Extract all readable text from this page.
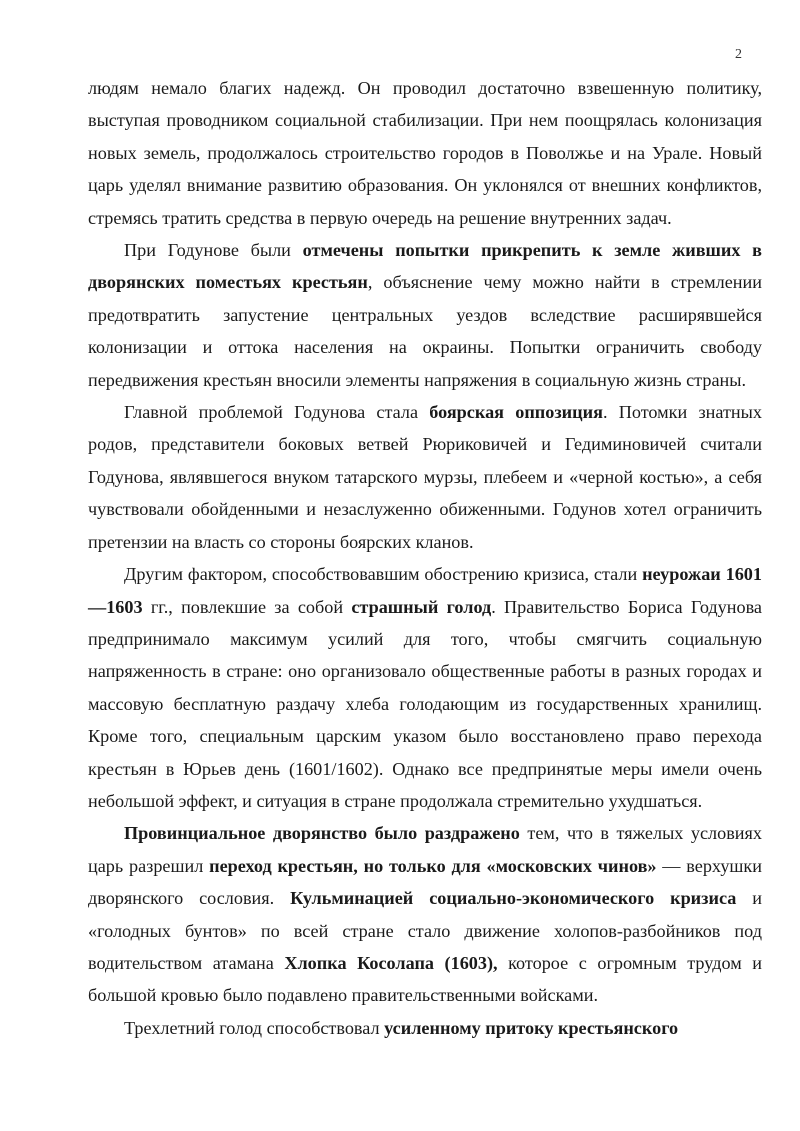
2

людям немало благих надежд. Он проводил достаточно взвешенную политику, выступая проводником социальной стабилизации. При нем поощрялась колонизация новых земель, продолжалось строительство городов в Поволжье и на Урале. Новый царь уделял внимание развитию образования. Он уклонялся от внешних конфликтов, стремясь тратить средства в первую очередь на решение внутренних задач.

При Годунове были отмечены попытки прикрепить к земле живших в дворянских поместьях крестьян, объяснение чему можно найти в стремлении предотвратить запустение центральных уездов вследствие расширявшейся колонизации и оттока населения на окраины. Попытки ограничить свободу передвижения крестьян вносили элементы напряжения в социальную жизнь страны.

Главной проблемой Годунова стала боярская оппозиция. Потомки знатных родов, представители боковых ветвей Рюриковичей и Гедиминовичей считали Годунова, являвшегося внуком татарского мурзы, плебеем и «черной костью», а себя чувствовали обойденными и незаслуженно обиженными. Годунов хотел ограничить претензии на власть со стороны боярских кланов.

Другим фактором, способствовавшим обострению кризиса, стали неурожаи 1601—1603 гг., повлекшие за собой страшный голод. Правительство Бориса Годунова предпринимало максимум усилий для того, чтобы смягчить социальную напряженность в стране: оно организовало общественные работы в разных городах и массовую бесплатную раздачу хлеба голодающим из государственных хранилищ. Кроме того, специальным царским указом было восстановлено право перехода крестьян в Юрьев день (1601/1602). Однако все предпринятые меры имели очень небольшой эффект, и ситуация в стране продолжала стремительно ухудшаться.

Провинциальное дворянство было раздражено тем, что в тяжелых условиях царь разрешил переход крестьян, но только для «московских чинов» — верхушки дворянского сословия. Кульминацией социально-экономического кризиса и «голодных бунтов» по всей стране стало движение холопов-разбойников под водительством атамана Хлопка Косолапа (1603), которое с огромным трудом и большой кровью было подавлено правительственными войсками.

Трехлетний голод способствовал усиленному притоку крестьянского
